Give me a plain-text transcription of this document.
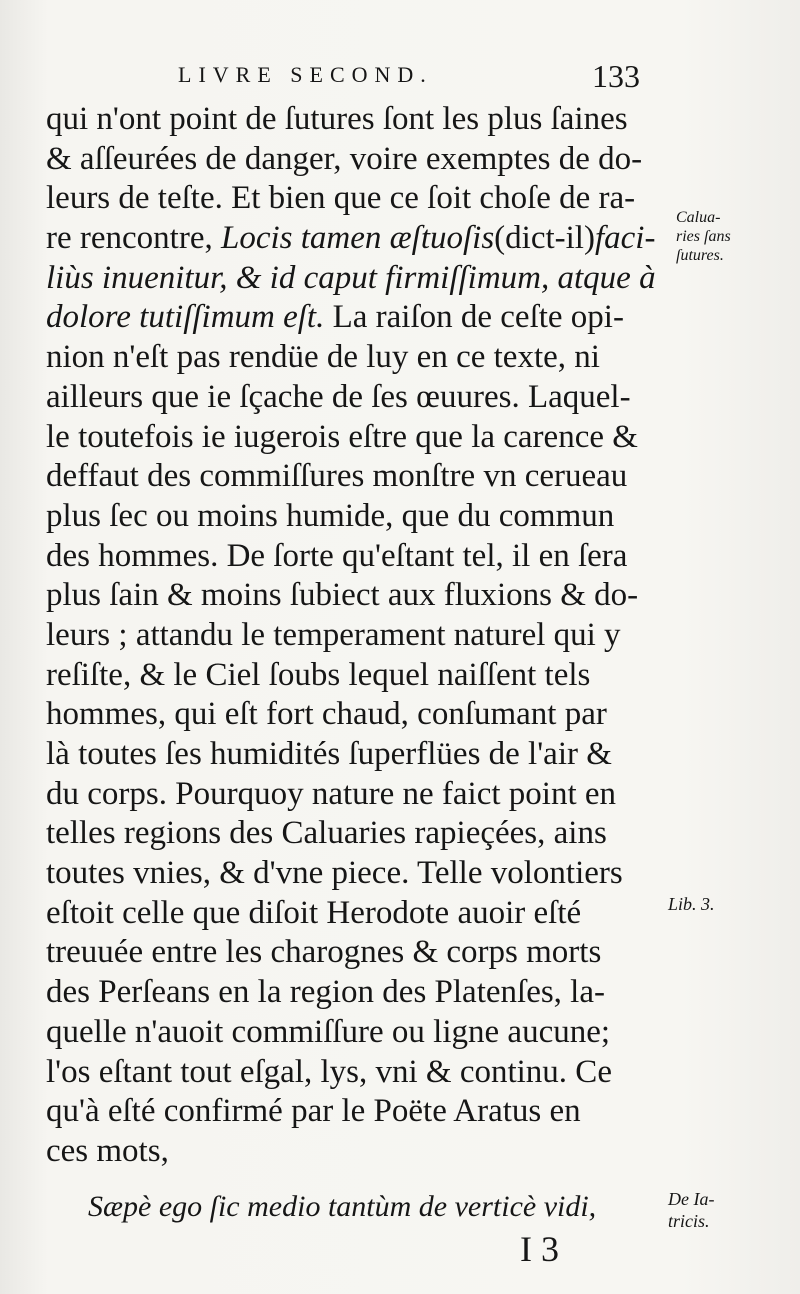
LIVRE SECOND.	133
qui n'ont point de ſutures ſont les plus ſaines
& aſſeurées de danger, voire exemptes de do-
leurs de teſte. Et bien que ce ſoit choſe de ra-
re rencontre, Locis tamen æſtuoſis(dict-il)faci-
liùs inuenitur, & id caput firmiſſimum, atque à
dolore tutiſſimum eſt. La raiſon de ceſte opi-
nion n'eſt pas rendüe de luy en ce texte, ni
ailleurs que ie ſçache de ſes œuures. Laquel-
le toutefois ie iugerois eſtre que la carence &
deffaut des commiſſures monſtre vn cerueau
plus ſec ou moins humide, que du commun
des hommes. De ſorte qu'eſtant tel, il en ſera
plus ſain & moins ſubiect aux fluxions & do-
leurs ; attandu le temperament naturel qui y
reſiſte, & le Ciel ſoubs lequel naiſſent tels
hommes, qui eſt fort chaud, conſumant par
là toutes ſes humidités ſuperflües de l'air &
du corps. Pourquoy nature ne faict point en
telles regions des Caluaries rapieçées, ains
toutes vnies, & d'vne piece. Telle volontiers
eſtoit celle que diſoit Herodote auoir eſté
treuuée entre les charognes & corps morts
des Perſeans en la region des Platenſes, la-
quelle n'auoit commiſſure ou ligne aucune;
l'os eſtant tout eſgal, lys, vni & continu. Ce
qu'à eſté confirmé par le Poëte Aratus en
ces mots,
Calua-
ries ſans
ſutures.
Lib. 3.
Sæpè ego ſic medio tantùm de verticè vidi,	De Ia-
tricis.
I 3
